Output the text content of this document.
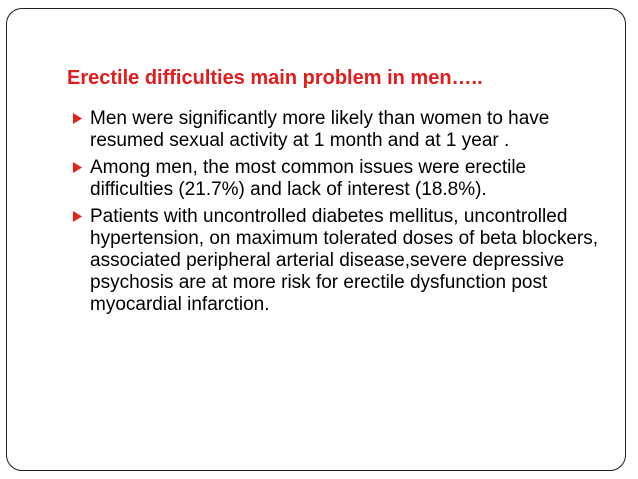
Erectile difficulties main problem in men…..
Men were significantly more likely than women to have resumed sexual activity at 1 month and at 1 year .
Among men, the most common issues were erectile difficulties (21.7%) and lack of interest (18.8%).
Patients with uncontrolled diabetes mellitus, uncontrolled hypertension, on maximum tolerated doses of beta blockers, associated peripheral arterial disease,severe depressive psychosis are at more risk for erectile dysfunction post myocardial infarction.
